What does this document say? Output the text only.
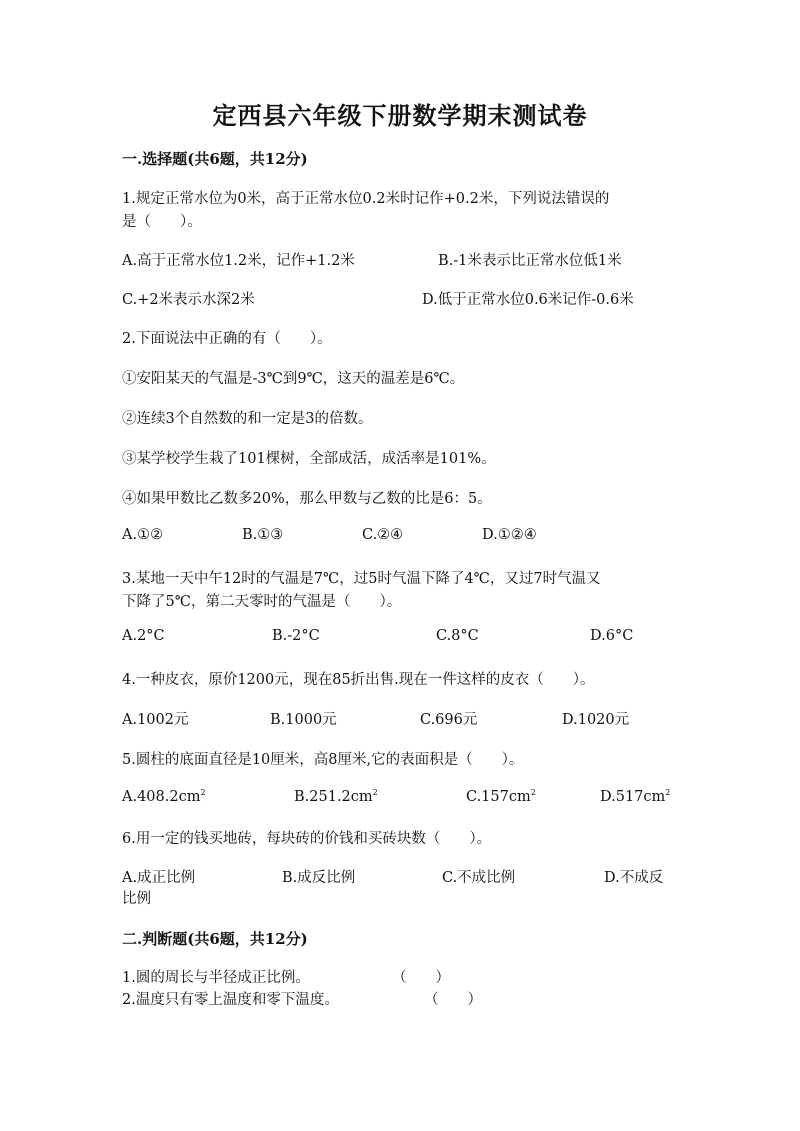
定西县六年级下册数学期末测试卷
一.选择题(共6题，共12分)
1.规定正常水位为0米，高于正常水位0.2米时记作+0.2米，下列说法错误的
是（　　）。
A.高于正常水位1.2米，记作+1.2米	B.-1米表示比正常水位低1米
C.+2米表示水深2米	D.低于正常水位0.6米记作-0.6米
2.下面说法中正确的有（　　）。
①安阳某天的气温是-3℃到9℃，这天的温差是6℃。
②连续3个自然数的和一定是3的倍数。
③某学校学生栽了101棵树，全部成活，成活率是101%。
④如果甲数比乙数多20%，那么甲数与乙数的比是6：5。
A.①②	B.①③	C.②④	D.①②④
3.某地一天中午12时的气温是7℃，过5时气温下降了4℃，又过7时气温又
下降了5℃，第二天零时的气温是（　　）。
A.2°C	B.-2°C	C.8°C	D.6°C
4.一种皮衣，原价1200元，现在85折出售.现在一件这样的皮衣（　　）。
A.1002元	B.1000元	C.696元	D.1020元
5.圆柱的底面直径是10厘米，高8厘米,它的表面积是（　　）。
$A.408.2cm^2$	$B.251.2cm^2$	$C.157cm^2$	$D.517cm^2$
6.用一定的钱买地砖，每块砖的价钱和买砖块数（　　）。
A.成正比例	B.成反比例	C.不成比例	D.不成反
比例
二.判断题(共6题，共12分)
1.圆的周长与半径成正比例。	（　　）
2.温度只有零上温度和零下温度。	（　　）
